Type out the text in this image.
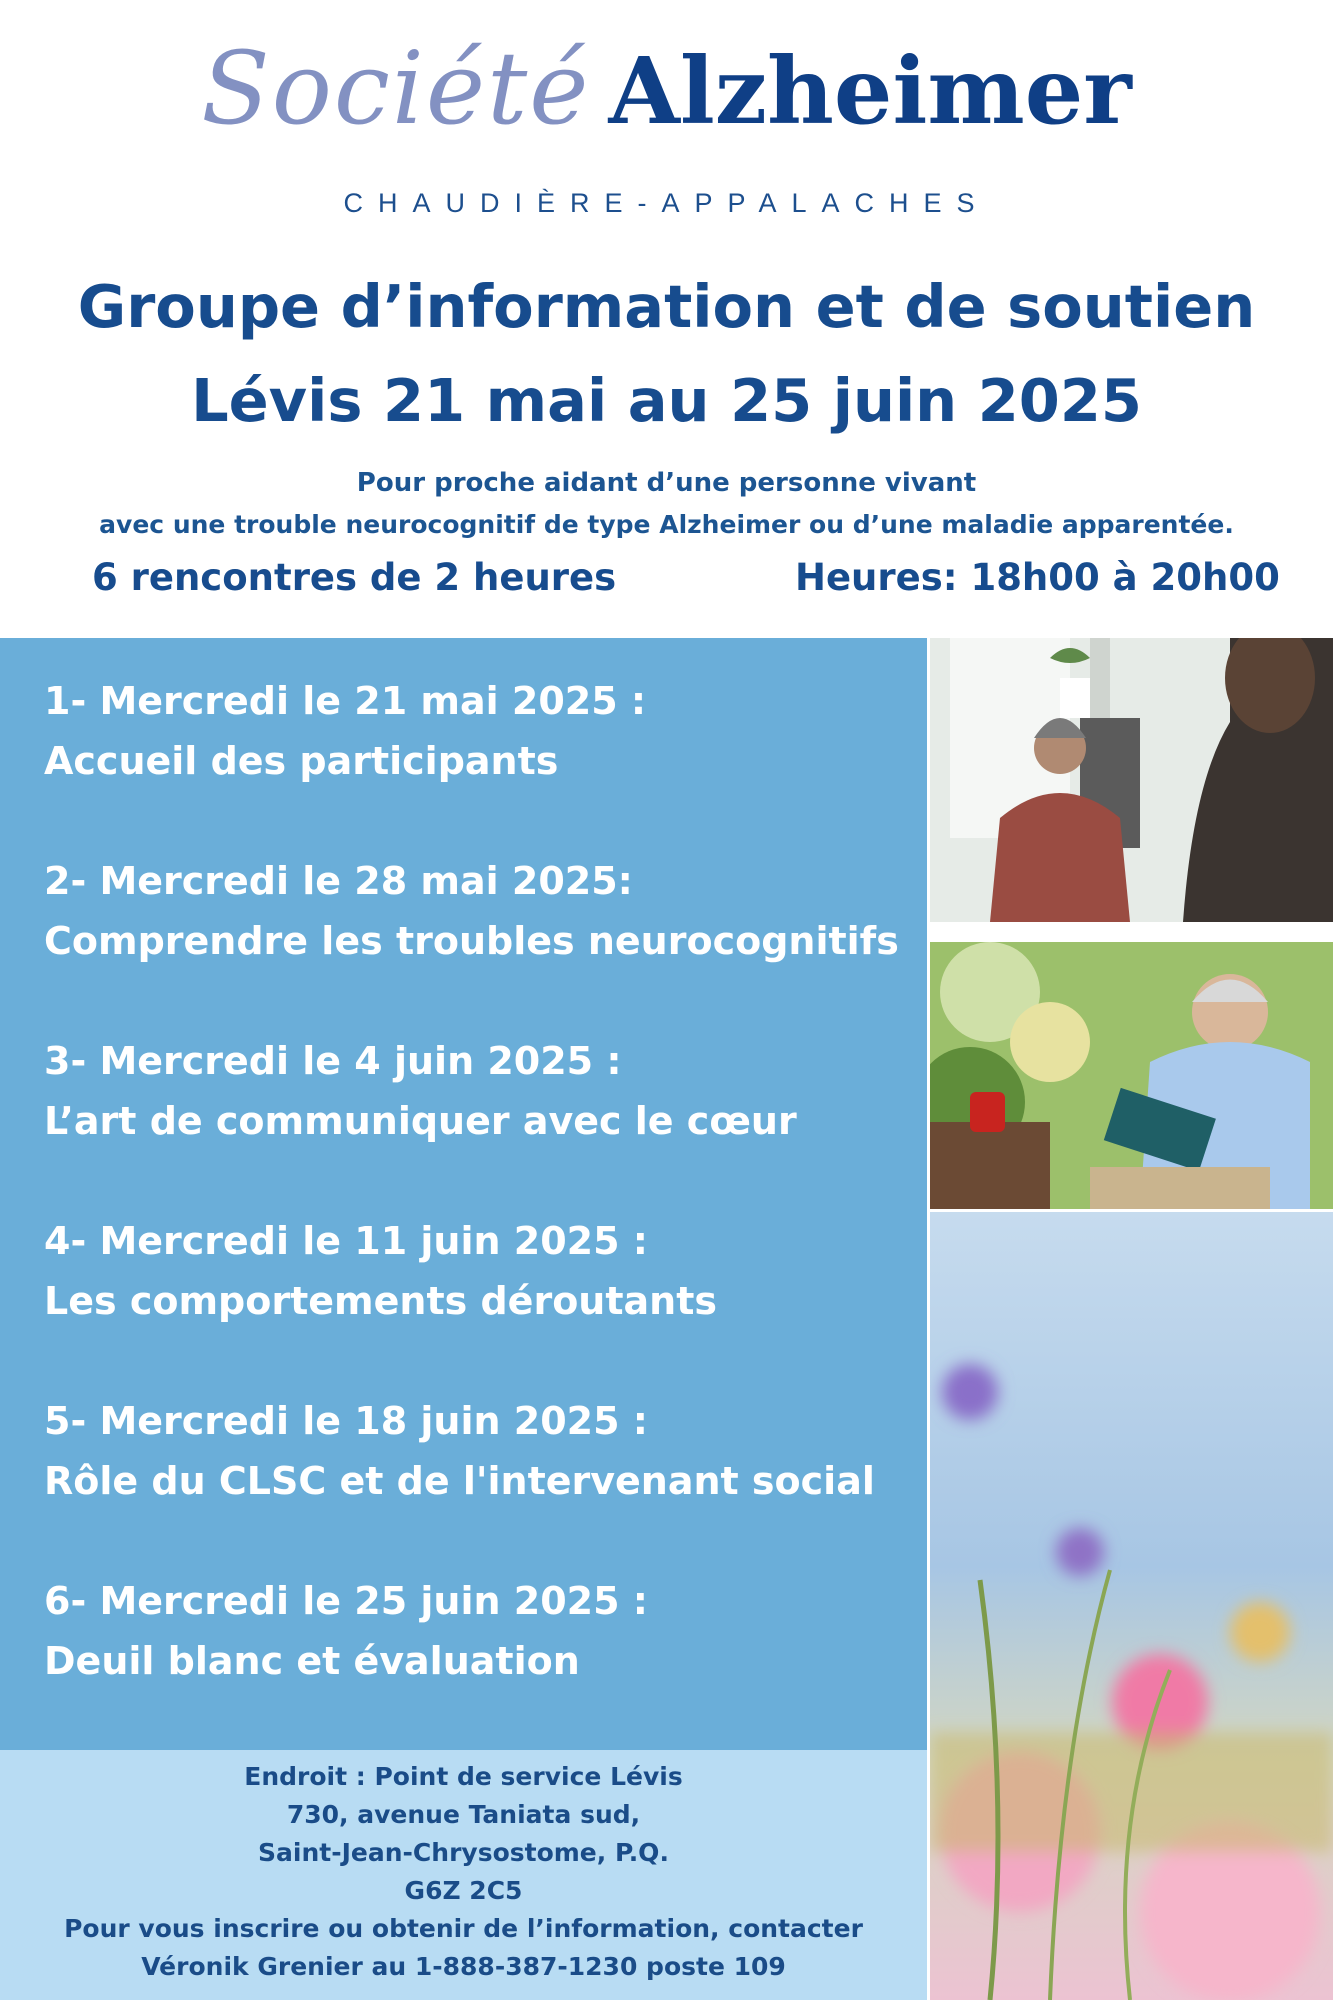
Société Alzheimer
CHAUDIÈRE-APPALACHES
Groupe d’information et de soutien
Lévis 21 mai au 25 juin 2025
Pour proche aidant d’une personne vivant
avec une trouble neurocognitif de type Alzheimer ou d’une maladie apparentée.
6 rencontres de 2 heures	Heures: 18h00 à 20h00
1- Mercredi le 21 mai 2025 :
Accueil des participants
2- Mercredi le 28 mai 2025:
Comprendre les troubles neurocognitifs
3- Mercredi le 4 juin 2025 :
L’art de communiquer avec le cœur
4- Mercredi le 11 juin 2025 :
Les comportements déroutants
5- Mercredi le 18 juin 2025 :
Rôle du CLSC et de l'intervenant social
6- Mercredi le 25 juin 2025 :
Deuil blanc et évaluation
Endroit : Point de service Lévis
730, avenue Taniata sud,
Saint-Jean-Chrysostome, P.Q.
G6Z 2C5
Pour vous inscrire ou obtenir de l’information, contacter
Véronik Grenier au 1-888-387-1230 poste 109
